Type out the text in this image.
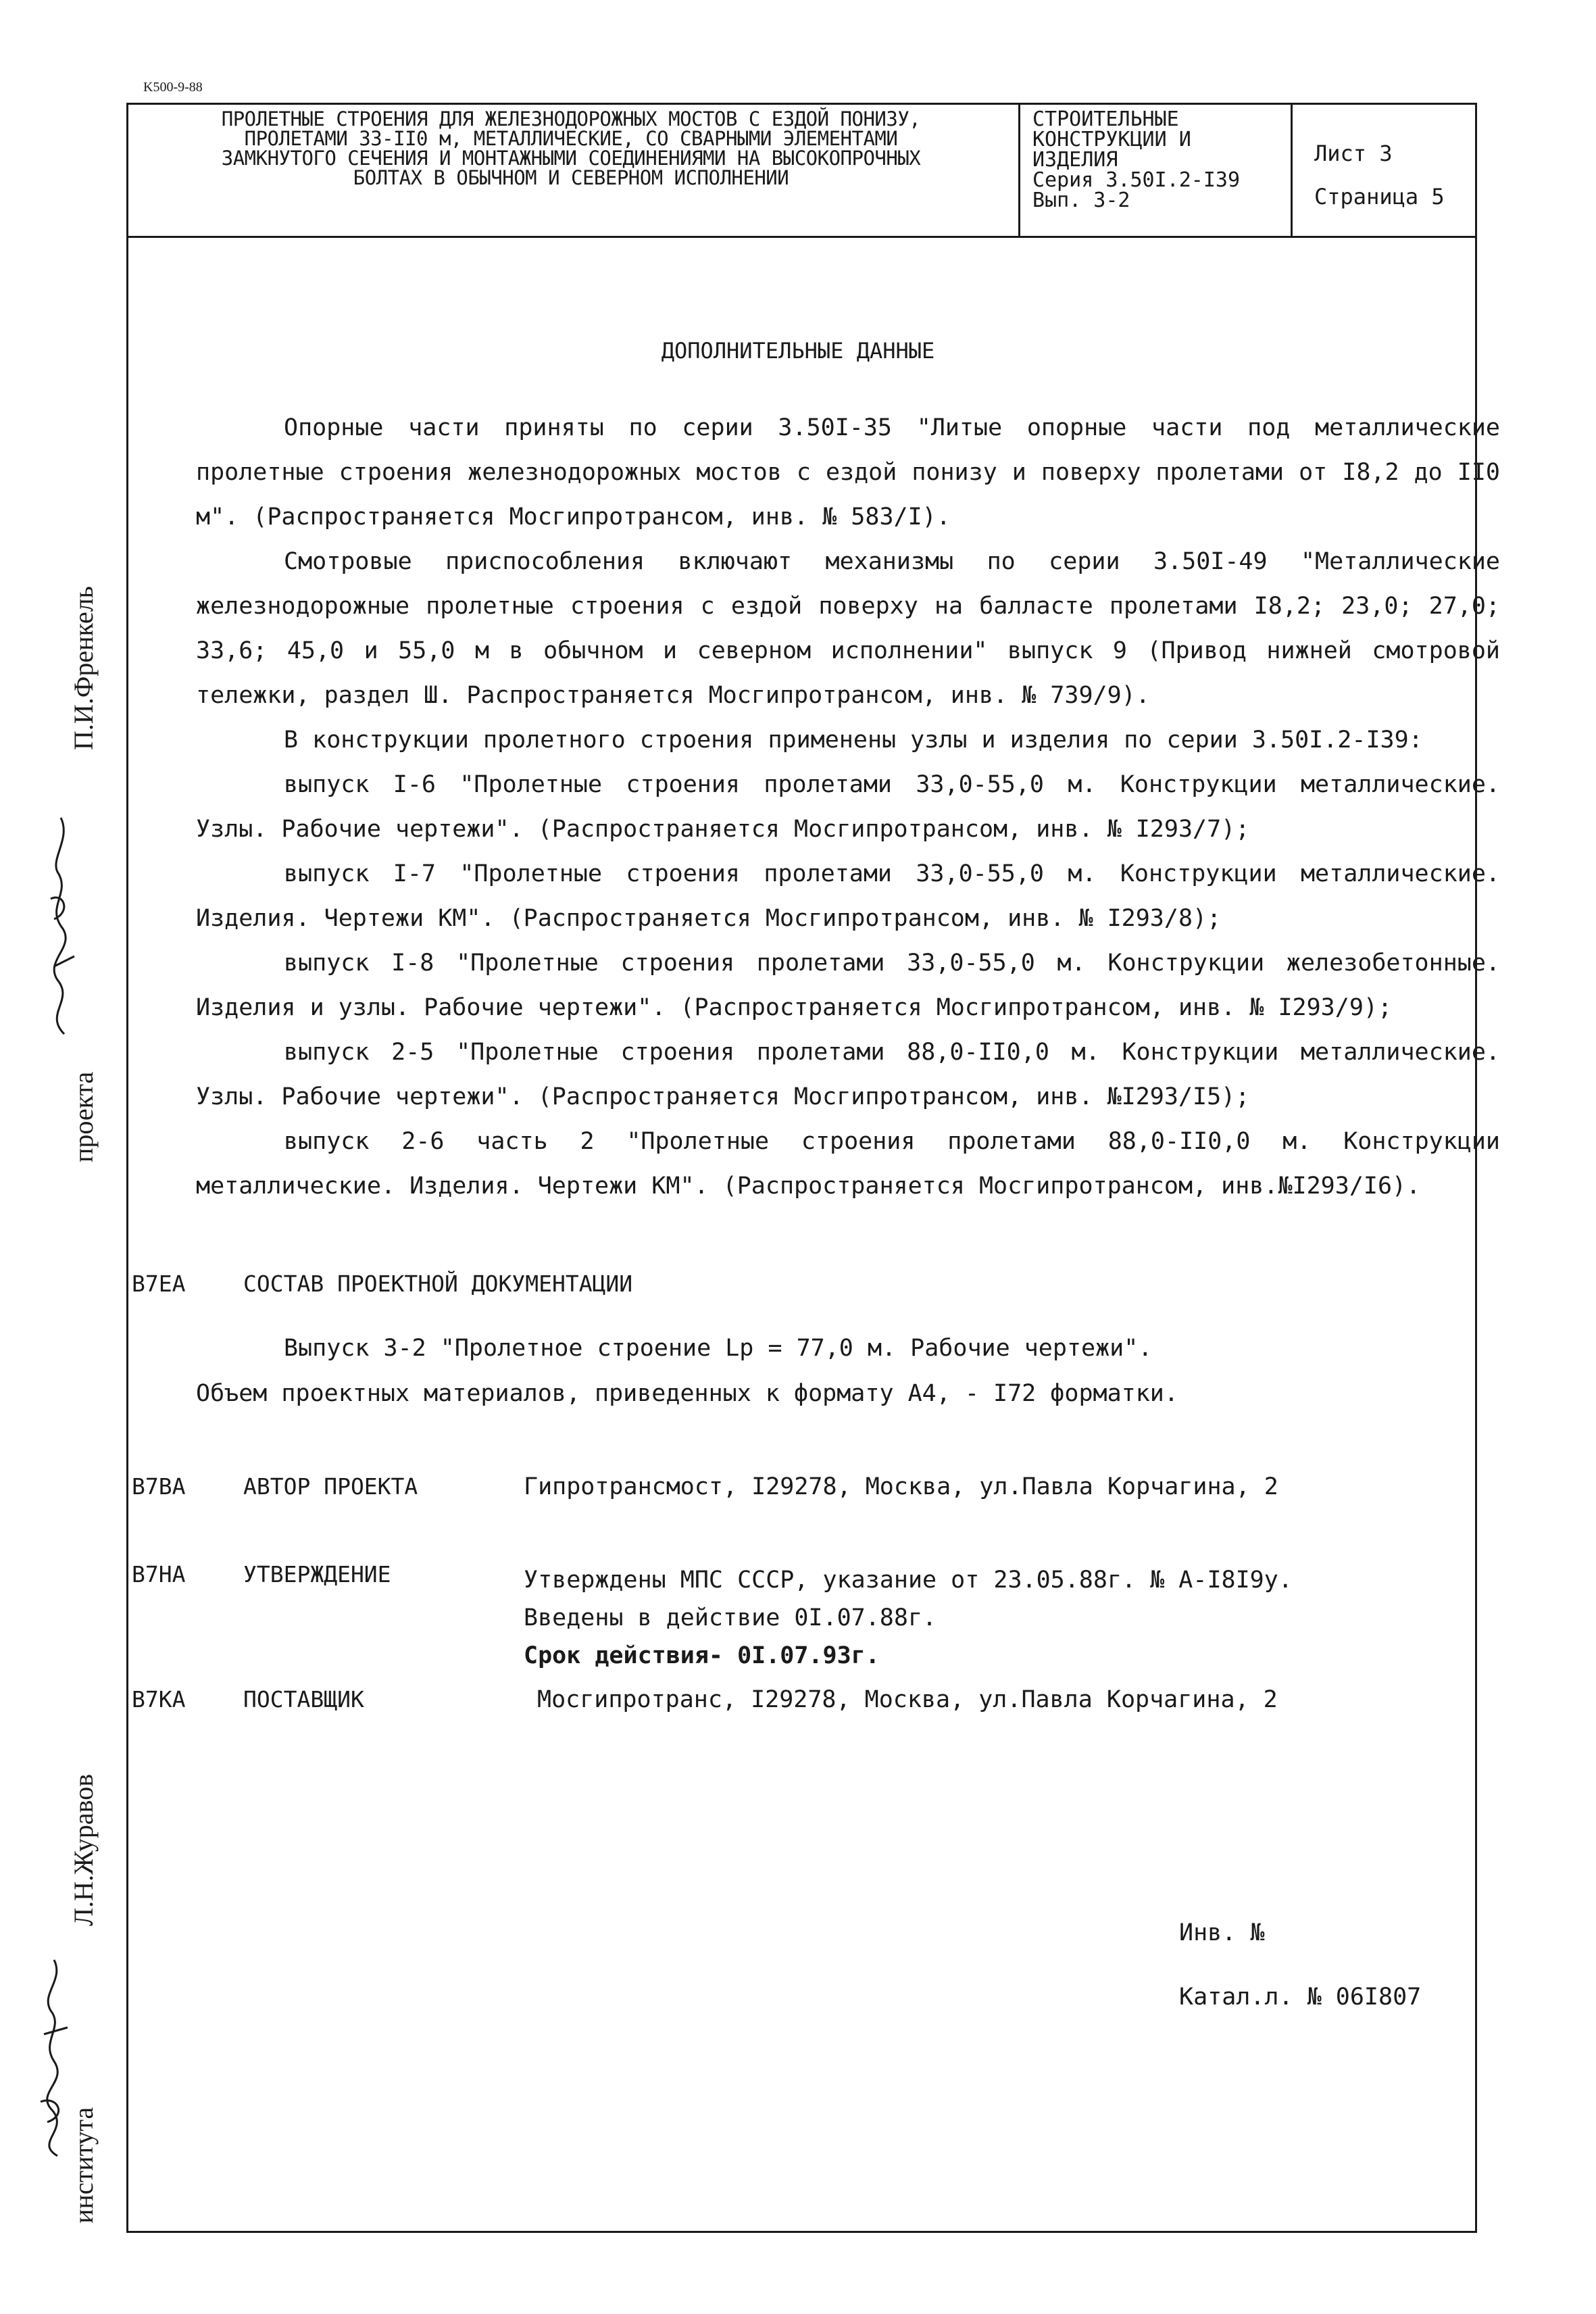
K500-9-88
ПРОЛЕТНЫЕ СТРОЕНИЯ ДЛЯ ЖЕЛЕЗНОДОРОЖНЫХ МОСТОВ С ЕЗДОЙ ПОНИЗУ,
ПРОЛЕТАМИ 33-II0 м, МЕТАЛЛИЧЕСКИЕ, СО СВАРНЫМИ ЭЛЕМЕНТАМИ
ЗАМКНУТОГО СЕЧЕНИЯ И МОНТАЖНЫМИ СОЕДИНЕНИЯМИ НА ВЫСОКОПРОЧНЫХ
БОЛТАХ В ОБЫЧНОМ И СЕВЕРНОМ ИСПОЛНЕНИИ
СТРОИТЕЛЬНЫЕ
КОНСТРУКЦИИ И
ИЗДЕЛИЯ
Серия 3.50I.2-I39
Вып. 3-2
Лист 3
Страница 5
ДОПОЛНИТЕЛЬНЫЕ ДАННЫЕ
Опорные части приняты по серии 3.50I-35 "Литые опорные части под металлические пролетные строения железнодорожных мостов с ездой понизу и поверху пролетами от I8,2 до II0 м". (Распространяется Мосгипротрансом, инв. № 583/I).
Смотровые приспособления включают механизмы по серии 3.50I-49 "Металлические железнодорожные пролетные строения с ездой поверху на балласте пролетами I8,2; 23,0; 27,0; 33,6; 45,0 и 55,0 м в обычном и северном исполнении" выпуск 9 (Привод нижней смотровой тележки, раздел Ш. Распространяется Мосгипротрансом, инв. № 739/9).
В конструкции пролетного строения применены узлы и изделия по серии 3.50I.2-I39:
выпуск I-6 "Пролетные строения пролетами 33,0-55,0 м. Конструкции металлические. Узлы. Рабочие чертежи". (Распространяется Мосгипротрансом, инв. № I293/7);
выпуск I-7 "Пролетные строения пролетами 33,0-55,0 м. Конструкции металлические. Изделия. Чертежи КМ". (Распространяется Мосгипротрансом, инв. № I293/8);
выпуск I-8 "Пролетные строения пролетами 33,0-55,0 м. Конструкции железобетонные. Изделия и узлы. Рабочие чертежи". (Распространяется Мосгипротрансом, инв. № I293/9);
выпуск 2-5 "Пролетные строения пролетами 88,0-II0,0 м. Конструкции металлические. Узлы. Рабочие чертежи". (Распространяется Мосгипротрансом, инв. №I293/I5);
выпуск 2-6 часть 2 "Пролетные строения пролетами 88,0-II0,0 м. Конструкции металлические. Изделия. Чертежи КМ". (Распространяется Мосгипротрансом, инв.№I293/I6).
В7ЕА	СОСТАВ ПРОЕКТНОЙ ДОКУМЕНТАЦИИ
Выпуск 3-2 "Пролетное строение Lр = 77,0 м. Рабочие чертежи".
Объем проектных материалов, приведенных к формату А4, - I72 форматки.
В7ВА	АВТОР ПРОЕКТА	Гипротрансмост, I29278, Москва, ул.Павла Корчагина, 2
В7НА	УТВЕРЖДЕНИЕ	Утверждены МПС СССР, указание от 23.05.88г. № А-I8I9у.
Введены в действие 0I.07.88г.
Срок действия- 0I.07.93г.
В7КА	ПОСТАВЩИК	Мосгипротранс, I29278, Москва, ул.Павла Корчагина, 2
Инв. №
Катал.л. № 06I807
проекта
П.И.Френкель
института
Л.Н.Журавов
